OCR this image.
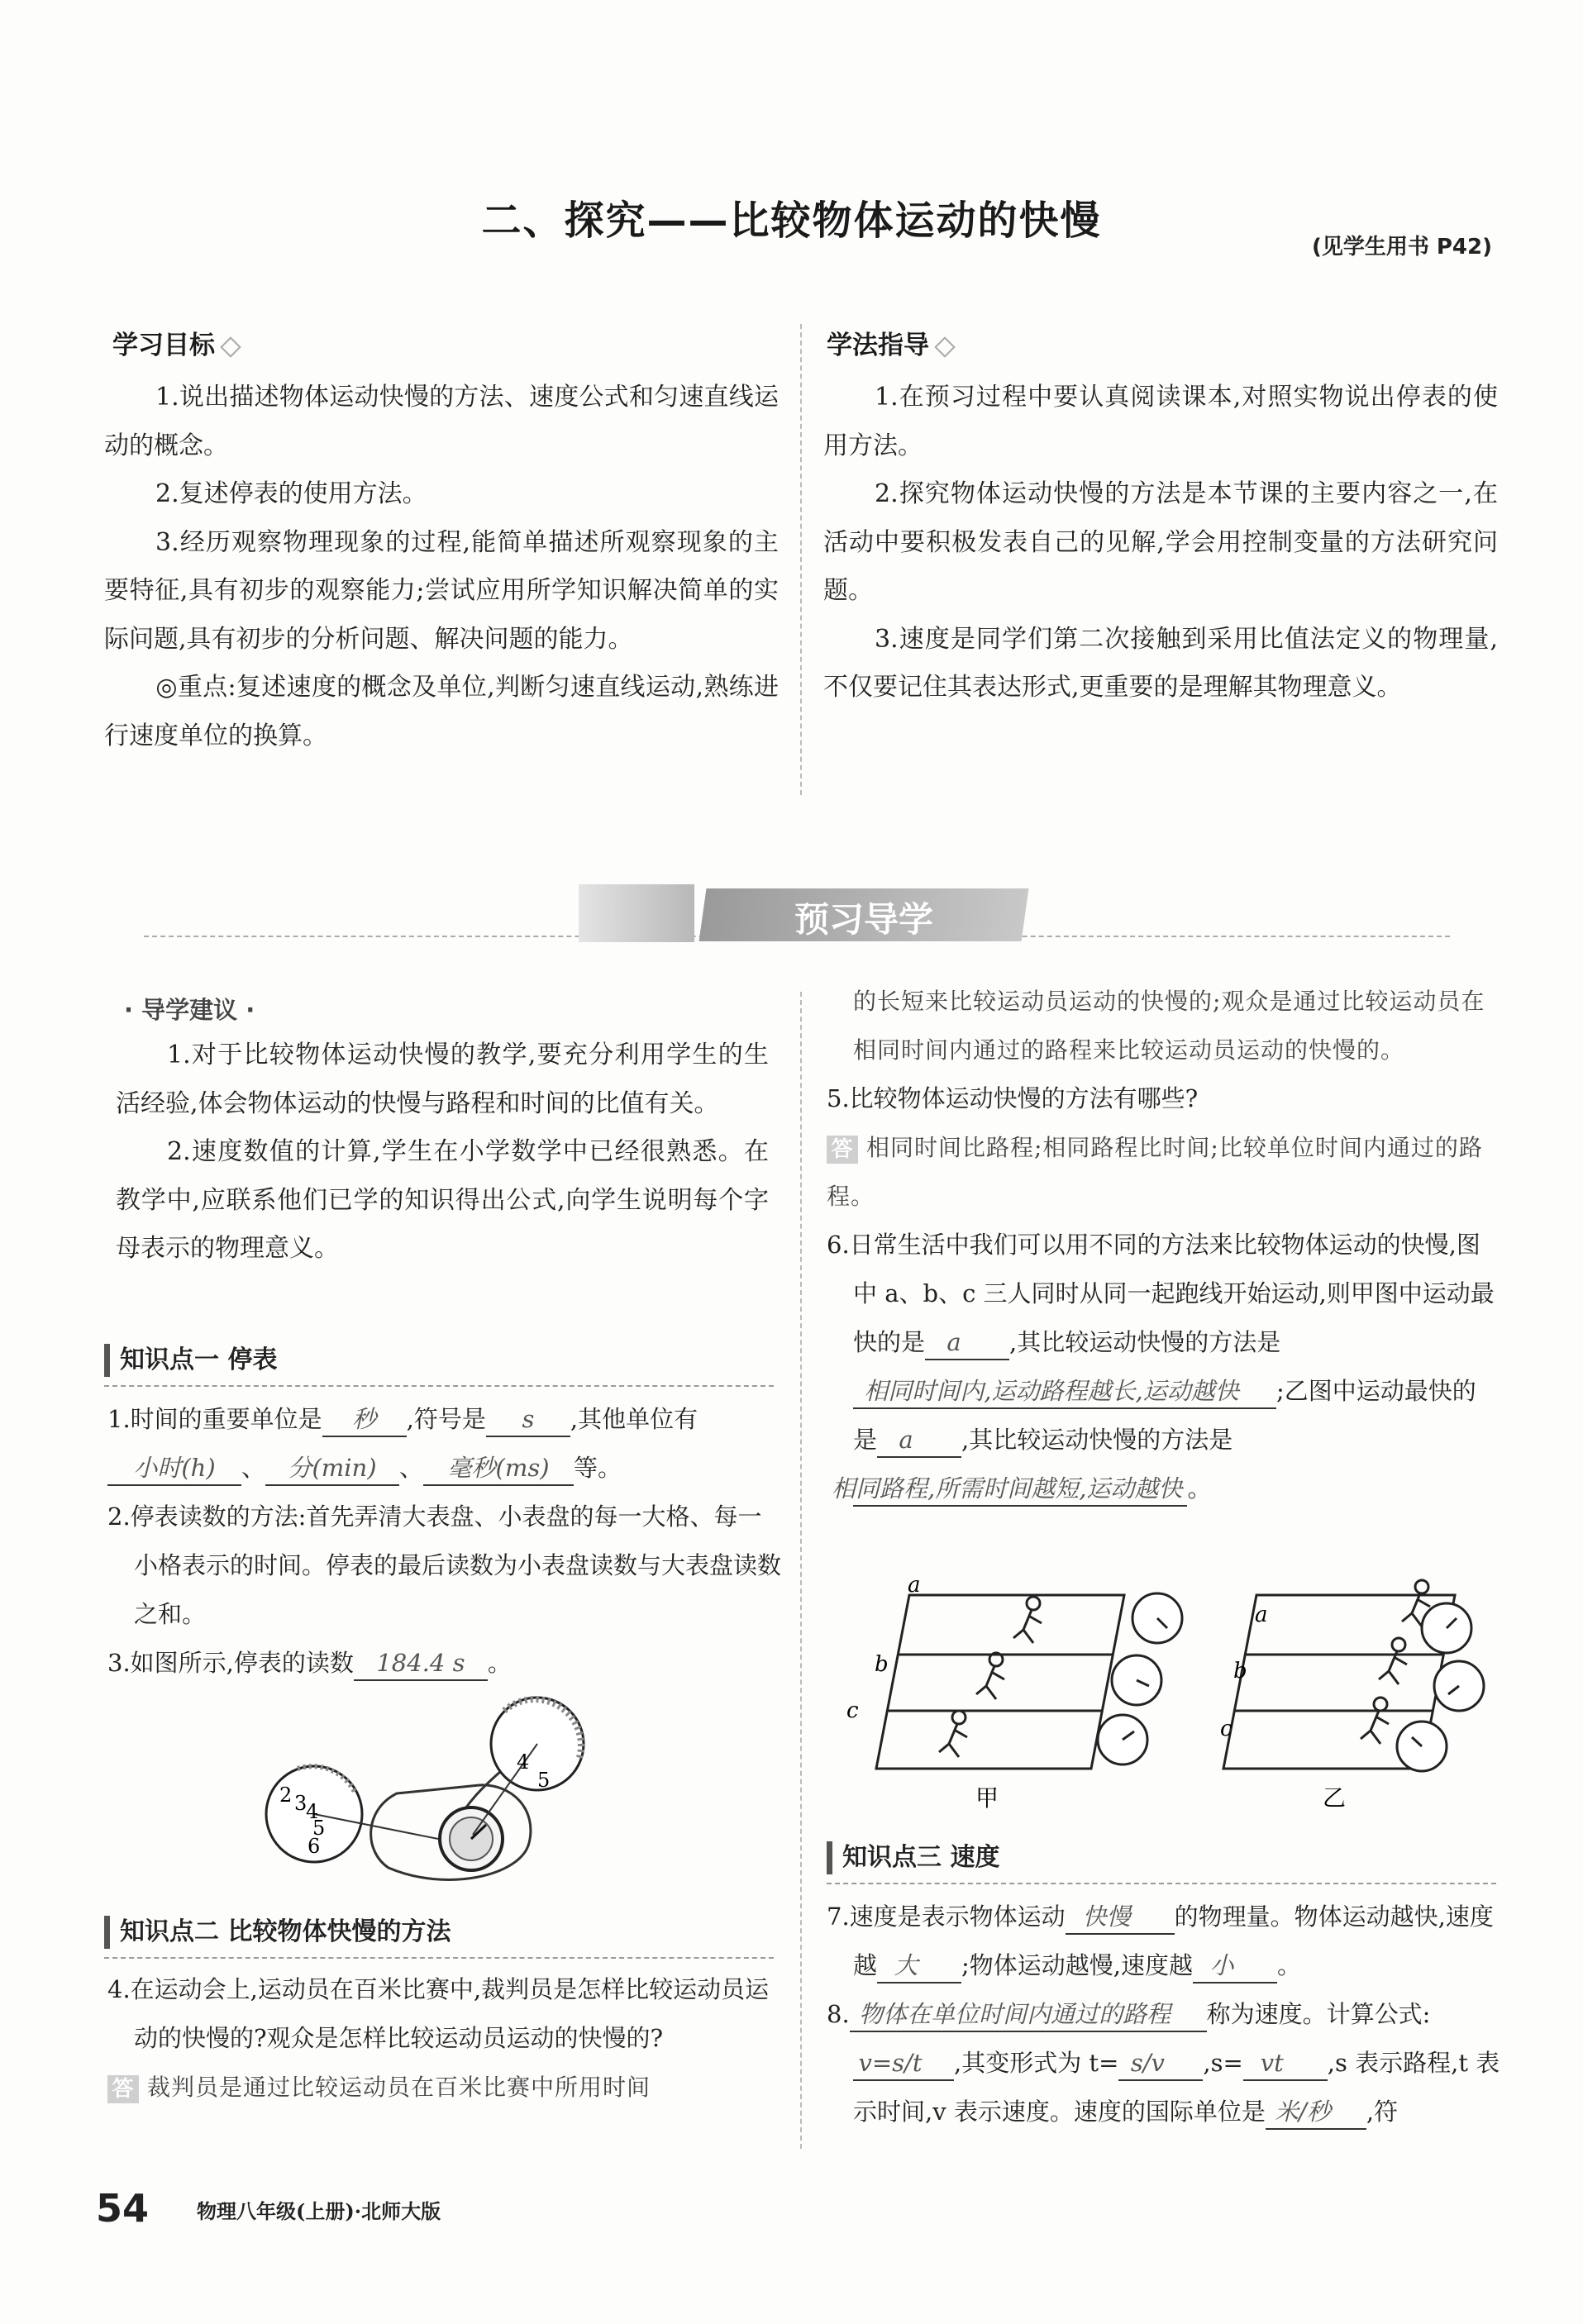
二、探究——比较物体运动的快慢
(见学生用书 P42)
学习目标

1.说出描述物体运动快慢的方法、速度公式和匀速直线运动的概念。

2.复述停表的使用方法。

3.经历观察物理现象的过程,能简单描述所观察现象的主要特征,具有初步的观察能力;尝试应用所学知识解决简单的实际问题,具有初步的分析问题、解决问题的能力。

◎重点:复述速度的概念及单位,判断匀速直线运动,熟练进行速度单位的换算。

学法指导

1.在预习过程中要认真阅读课本,对照实物说出停表的使用方法。

2.探究物体运动快慢的方法是本节课的主要内容之一,在活动中要积极发表自己的见解,学会用控制变量的方法研究问题。

3.速度是同学们第二次接触到采用比值法定义的物理量,不仅要记住其表达形式,更重要的是理解其物理意义。

预习导学
· 导学建议 ·

1.对于比较物体运动快慢的教学,要充分利用学生的生活经验,体会物体运动的快慢与路程和时间的比值有关。

2.速度数值的计算,学生在小学数学中已经很熟悉。在教学中,应联系他们已学的知识得出公式,向学生说明每个字母表示的物理意义。

知识点一 停表

1.时间的重要单位是 秒 ,符号是 s ,其他单位有
小时(h) 、 分(min) 、 毫秒(ms) 等。

2.停表读数的方法:首先弄清大表盘、小表盘的每一大格、每一小格表示的时间。停表的最后读数为小表盘读数与大表盘读数之和。

3.如图所示,停表的读数 184.4 s 。

4
5
2 3
4
5
6
知识点二 比较物体快慢的方法

4.在运动会上,运动员在百米比赛中,裁判员是怎样比较运动员运动的快慢的?观众是怎样比较运动员运动的快慢的?

答 裁判员是通过比较运动员在百米比赛中所用时间

的长短来比较运动员运动的快慢的;观众是通过比较运动员在相同时间内通过的路程来比较运动员运动的快慢的。

5.比较物体运动快慢的方法有哪些?

答 相同时间比路程;相同路程比时间;比较单位时间内通过的路程。

6.日常生活中我们可以用不同的方法来比较物体运动的快慢,图中 a、b、c 三人同时从同一起跑线开始运动,则甲图中运动最快的是 a ,其比较运动快慢的方法是相同时间内,运动路程越长,运动越快 ;乙图中运动最快的是 a ,其比较运动快慢的方法是相同路程,所需时间越短,运动越快 。

a
b
c
甲
a
b
c
乙
知识点三 速度

7.速度是表示物体运动 快慢 的物理量。物体运动越快,速度越 大 ;物体运动越慢,速度越 小 。

8. 物体在单位时间内通过的路程 称为速度。计算公式:v=s/t ,其变形式为 t= s/v ,s= vt ,s 表示路程,t 表示时间,v 表示速度。速度的国际单位是 米/秒 ,符

54 物理八年级(上册)·北师大版
